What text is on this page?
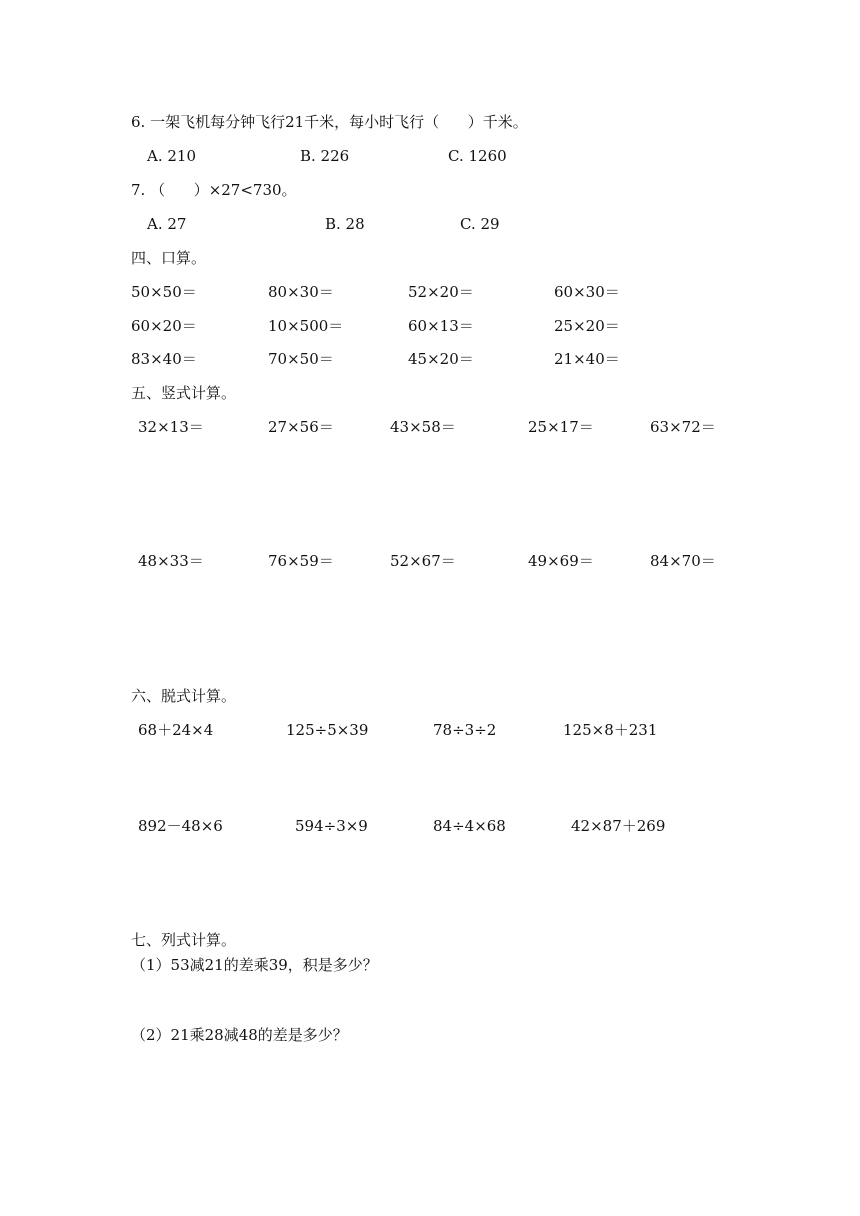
6. 一架飞机每分钟飞行21千米，每小时飞行（      ）千米。
A. 210	B. 226	C. 1260
7. （      ）×27<730。
A. 27	B. 28	C. 29
四、口算。
50×50＝	80×30＝	52×20＝	60×30＝
60×20＝	10×500＝	60×13＝	25×20＝
83×40＝	70×50＝	45×20＝	21×40＝
五、竖式计算。
32×13＝	27×56＝	43×58＝	25×17＝	63×72＝
48×33＝	76×59＝	52×67＝	49×69＝	84×70＝
六、脱式计算。
68＋24×4	125÷5×39	78÷3÷2	125×8＋231
892－48×6	594÷3×9	84÷4×68	42×87＋269
七、列式计算。
（1）53减21的差乘39，积是多少？
（2）21乘28减48的差是多少？
